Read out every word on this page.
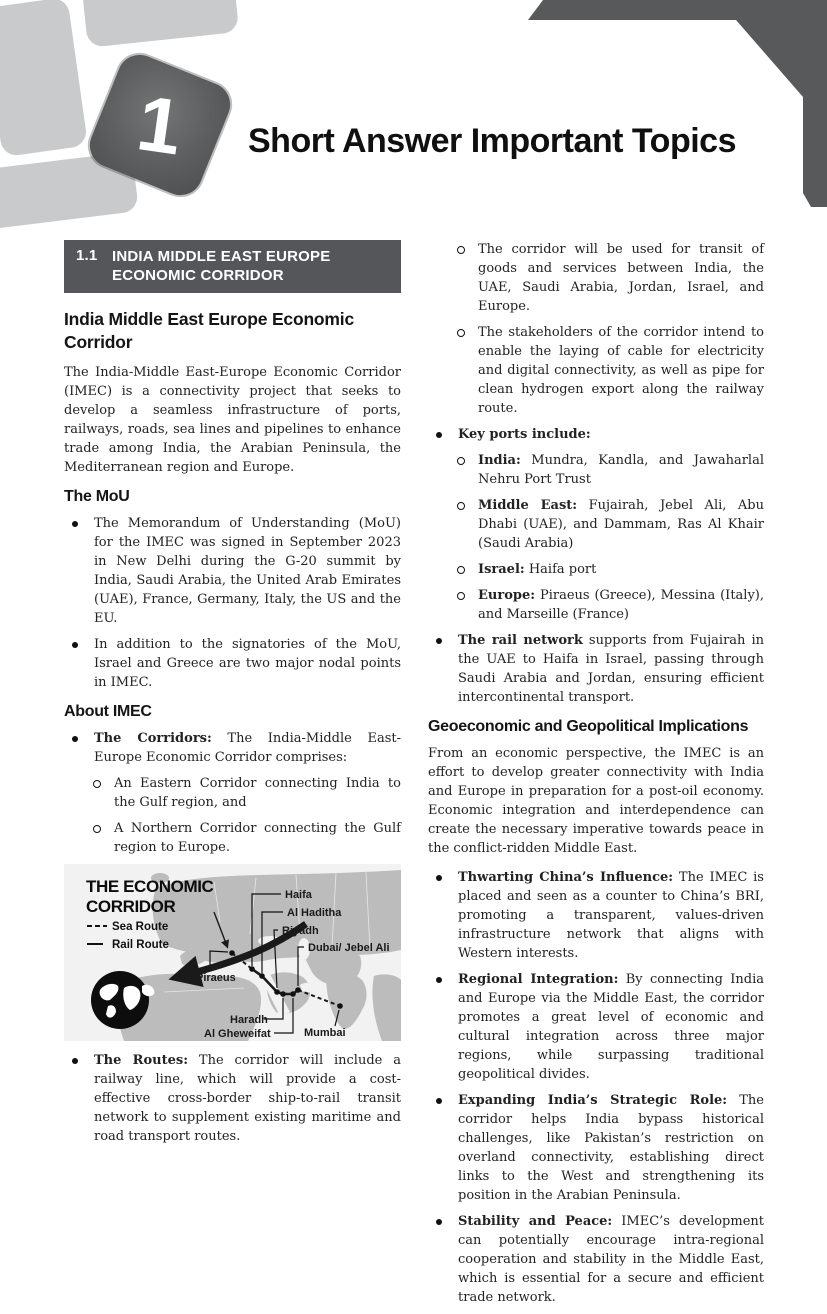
1 Short Answer Important Topics
1.1 INDIA MIDDLE EAST EUROPE
ECONOMIC CORRIDOR
India Middle East Europe Economic Corridor

The India-Middle East-Europe Economic Corridor (IMEC) is a connectivity project that seeks to develop a seamless infrastructure of ports, railways, roads, sea lines and pipelines to enhance trade among India, the Arabian Peninsula, the Mediterranean region and Europe.

The MoU
The Memorandum of Understanding (MoU) for the IMEC was signed in September 2023 in New Delhi during the G-20 summit by India, Saudi Arabia, the United Arab Emirates (UAE), France, Germany, Italy, the US and the EU.
In addition to the signatories of the MoU, Israel and Greece are two major nodal points in IMEC.
About IMEC
The Corridors: The India-Middle East- Europe Economic Corridor comprises:
An Eastern Corridor connecting India to the Gulf region, and
A Northern Corridor connecting the Gulf region to Europe.
THE ECONOMIC
CORRIDOR
Sea Route
Rail Route
Haifa
Al Haditha
Riyadh
Dubai/ Jebel Ali
Piraeus
Haradh
Al Gheweifat	Mumbai
The Routes: The corridor will include a railway line, which will provide a cost-effective cross-border ship-to-rail transit network to supplement existing maritime and road transport routes.
The corridor will be used for transit of goods and services between India, the UAE, Saudi Arabia, Jordan, Israel, and Europe.
The stakeholders of the corridor intend to enable the laying of cable for electricity and digital connectivity, as well as pipe for clean hydrogen export along the railway route.
Key ports include:
India: Mundra, Kandla, and Jawaharlal Nehru Port Trust
Middle East: Fujairah, Jebel Ali, Abu Dhabi (UAE), and Dammam, Ras Al Khair (Saudi Arabia)
Israel: Haifa port
Europe: Piraeus (Greece), Messina (Italy), and Marseille (France)
The rail network supports from Fujairah in the UAE to Haifa in Israel, passing through Saudi Arabia and Jordan, ensuring efficient intercontinental transport.
Geoeconomic and Geopolitical Implications

From an economic perspective, the IMEC is an effort to develop greater connectivity with India and Europe in preparation for a post-oil economy. Economic integration and interdependence can create the necessary imperative towards peace in the conflict-ridden Middle East.

Thwarting China’s Influence: The IMEC is placed and seen as a counter to China’s BRI, promoting a transparent, values-driven infrastructure network that aligns with Western interests.
Regional Integration: By connecting India and Europe via the Middle East, the corridor promotes a great level of economic and cultural integration across three major regions, while surpassing traditional geopolitical divides.
Expanding India’s Strategic Role: The corridor helps India bypass historical challenges, like Pakistan’s restriction on overland connectivity, establishing direct links to the West and strengthening its position in the Arabian Peninsula.
Stability and Peace: IMEC’s development can potentially encourage intra-regional cooperation and stability in the Middle East, which is essential for a secure and efficient trade network.
